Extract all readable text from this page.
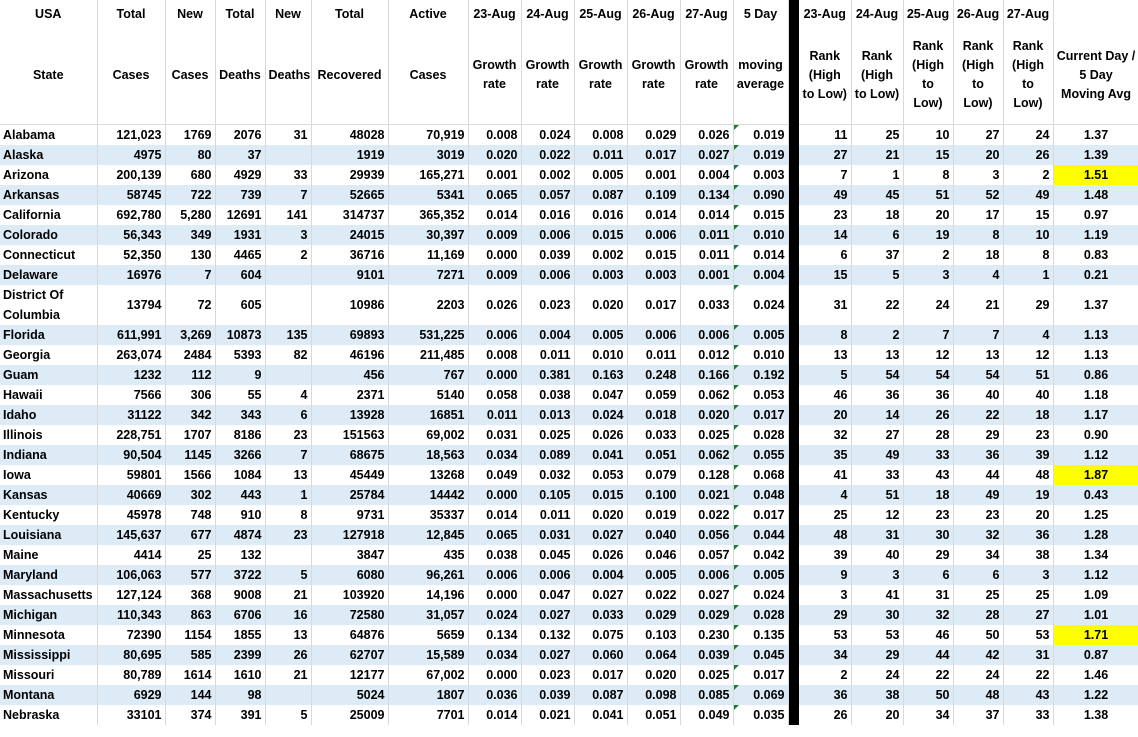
USA	Total	New	Total	New	Total	Active	23-Aug	24-Aug	25-Aug	26-Aug	27-Aug	5 Day		23-Aug	24-Aug	25-Aug	26-Aug	27-Aug	
State	Cases	Cases	Deaths	Deaths	Recovered	Cases	Growth rate	Growth rate	Growth rate	Growth rate	Growth rate	moving average		Rank (High to Low)	Rank (High to Low)	Rank (High to Low)	Rank (High to Low)	Rank (High to Low)	Current Day / 5 Day Moving Avg
Alabama	121,023	1769	2076	31	48028	70,919	0.008	0.024	0.008	0.029	0.026	0.019		11	25	10	27	24	1.37
Alaska	4975	80	37		1919	3019	0.020	0.022	0.011	0.017	0.027	0.019		27	21	15	20	26	1.39
Arizona	200,139	680	4929	33	29939	165,271	0.001	0.002	0.005	0.001	0.004	0.003		7	1	8	3	2	1.51
Arkansas	58745	722	739	7	52665	5341	0.065	0.057	0.087	0.109	0.134	0.090		49	45	51	52	49	1.48
California	692,780	5,280	12691	141	314737	365,352	0.014	0.016	0.016	0.014	0.014	0.015		23	18	20	17	15	0.97
Colorado	56,343	349	1931	3	24015	30,397	0.009	0.006	0.015	0.006	0.011	0.010		14	6	19	8	10	1.19
Connecticut	52,350	130	4465	2	36716	11,169	0.000	0.039	0.002	0.015	0.011	0.014		6	37	2	18	8	0.83
Delaware	16976	7	604		9101	7271	0.009	0.006	0.003	0.003	0.001	0.004		15	5	3	4	1	0.21
District Of Columbia	13794	72	605		10986	2203	0.026	0.023	0.020	0.017	0.033	0.024		31	22	24	21	29	1.37
Florida	611,991	3,269	10873	135	69893	531,225	0.006	0.004	0.005	0.006	0.006	0.005		8	2	7	7	4	1.13
Georgia	263,074	2484	5393	82	46196	211,485	0.008	0.011	0.010	0.011	0.012	0.010		13	13	12	13	12	1.13
Guam	1232	112	9		456	767	0.000	0.381	0.163	0.248	0.166	0.192		5	54	54	54	51	0.86
Hawaii	7566	306	55	4	2371	5140	0.058	0.038	0.047	0.059	0.062	0.053		46	36	36	40	40	1.18
Idaho	31122	342	343	6	13928	16851	0.011	0.013	0.024	0.018	0.020	0.017		20	14	26	22	18	1.17
Illinois	228,751	1707	8186	23	151563	69,002	0.031	0.025	0.026	0.033	0.025	0.028		32	27	28	29	23	0.90
Indiana	90,504	1145	3266	7	68675	18,563	0.034	0.089	0.041	0.051	0.062	0.055		35	49	33	36	39	1.12
Iowa	59801	1566	1084	13	45449	13268	0.049	0.032	0.053	0.079	0.128	0.068		41	33	43	44	48	1.87
Kansas	40669	302	443	1	25784	14442	0.000	0.105	0.015	0.100	0.021	0.048		4	51	18	49	19	0.43
Kentucky	45978	748	910	8	9731	35337	0.014	0.011	0.020	0.019	0.022	0.017		25	12	23	23	20	1.25
Louisiana	145,637	677	4874	23	127918	12,845	0.065	0.031	0.027	0.040	0.056	0.044		48	31	30	32	36	1.28
Maine	4414	25	132		3847	435	0.038	0.045	0.026	0.046	0.057	0.042		39	40	29	34	38	1.34
Maryland	106,063	577	3722	5	6080	96,261	0.006	0.006	0.004	0.005	0.006	0.005		9	3	6	6	3	1.12
Massachusetts	127,124	368	9008	21	103920	14,196	0.000	0.047	0.027	0.022	0.027	0.024		3	41	31	25	25	1.09
Michigan	110,343	863	6706	16	72580	31,057	0.024	0.027	0.033	0.029	0.029	0.028		29	30	32	28	27	1.01
Minnesota	72390	1154	1855	13	64876	5659	0.134	0.132	0.075	0.103	0.230	0.135		53	53	46	50	53	1.71
Mississippi	80,695	585	2399	26	62707	15,589	0.034	0.027	0.060	0.064	0.039	0.045		34	29	44	42	31	0.87
Missouri	80,789	1614	1610	21	12177	67,002	0.000	0.023	0.017	0.020	0.025	0.017		2	24	22	24	22	1.46
Montana	6929	144	98		5024	1807	0.036	0.039	0.087	0.098	0.085	0.069		36	38	50	48	43	1.22
Nebraska	33101	374	391	5	25009	7701	0.014	0.021	0.041	0.051	0.049	0.035		26	20	34	37	33	1.38
